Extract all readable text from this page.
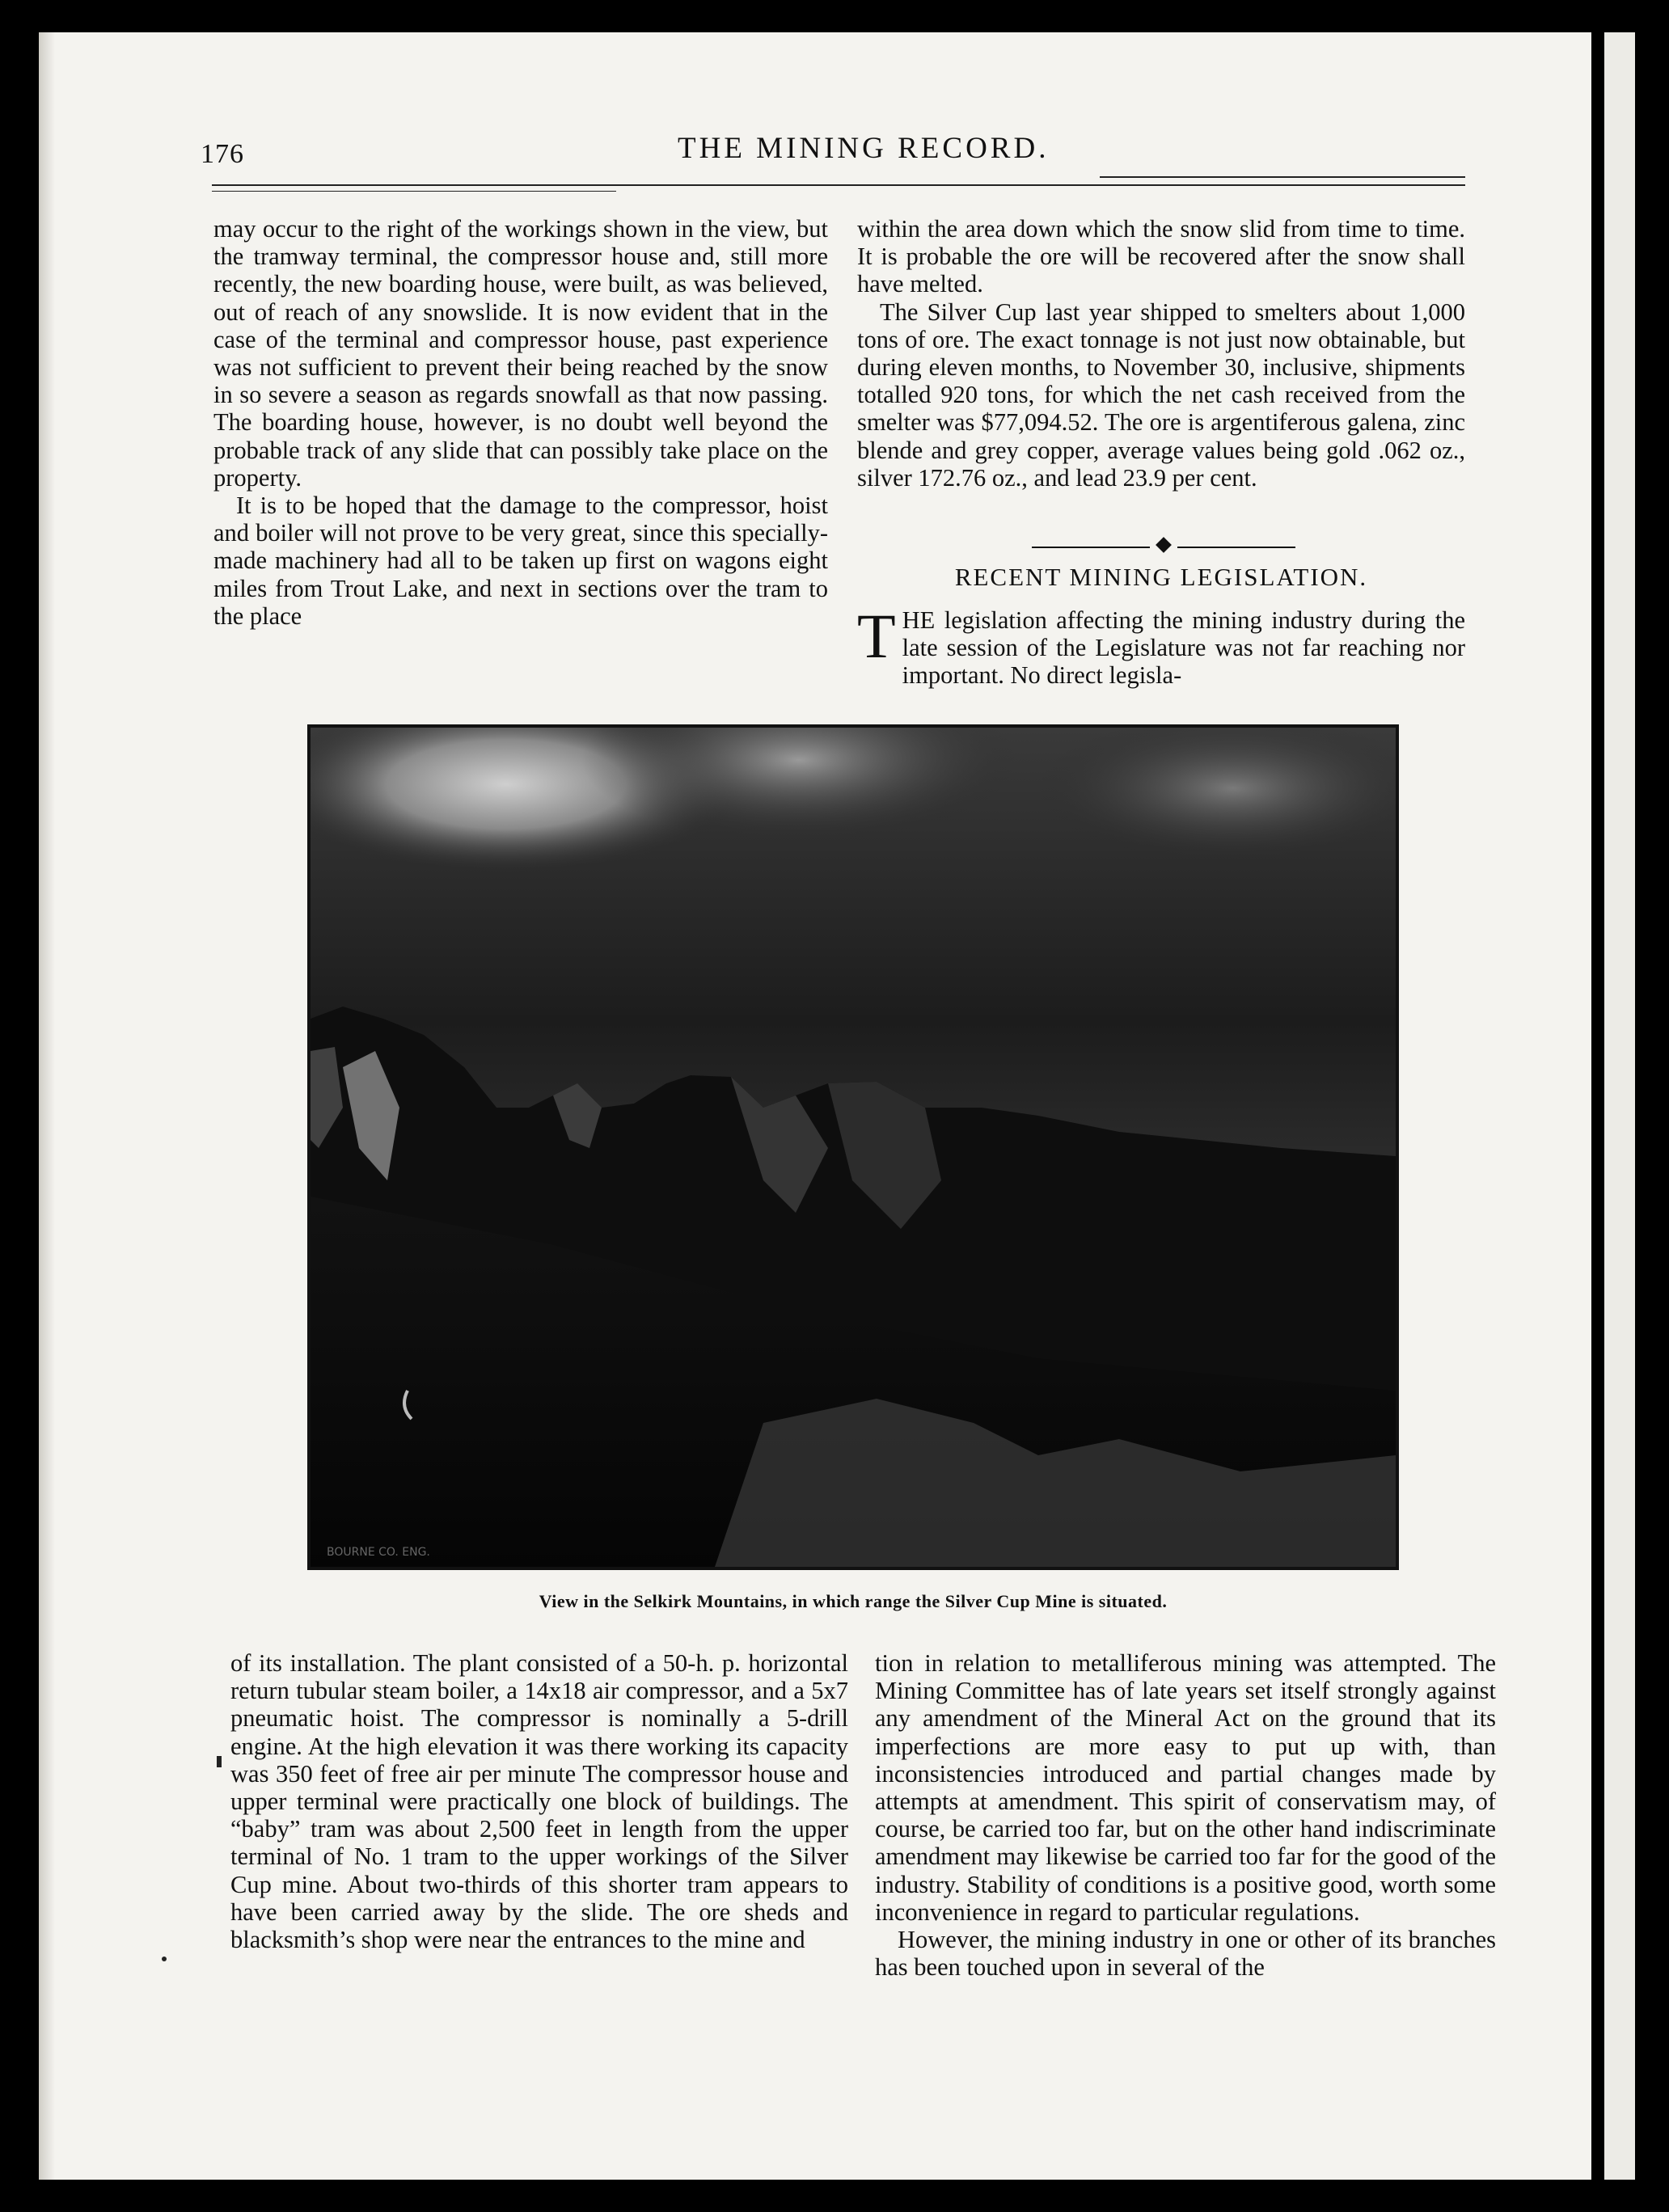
176	THE MINING RECORD.

may occur to the right of the workings shown in the view, but the tramway terminal, the compressor house and, still more recently, the new boarding house, were built, as was believed, out of reach of any snowslide. It is now evident that in the case of the terminal and compressor house, past experience was not sufficient to prevent their being reached by the snow in so severe a season as regards snowfall as that now passing. The boarding house, however, is no doubt well beyond the probable track of any slide that can possibly take place on the property.

It is to be hoped that the damage to the compressor, hoist and boiler will not prove to be very great, since this specially-made machinery had all to be taken up first on wagons eight miles from Trout Lake, and next in sections over the tram to the place

within the area down which the snow slid from time to time. It is probable the ore will be recovered after the snow shall have melted.

The Silver Cup last year shipped to smelters about 1,000 tons of ore. The exact tonnage is not just now obtainable, but during eleven months, to November 30, inclusive, shipments totalled 920 tons, for which the net cash received from the smelter was $77,094.52. The ore is argentiferous galena, zinc blende and grey copper, average values being gold .062 oz., silver 172.76 oz., and lead 23.9 per cent.

RECENT MINING LEGISLATION.
T HE legislation affecting the mining industry during the late session of the Legislature was not far reaching nor important. No direct legisla-
BOURNE CO. ENG.
View in the Selkirk Mountains, in which range the Silver Cup Mine is situated.

of its installation. The plant consisted of a 50-h. p. horizontal return tubular steam boiler, a 14x18 air compressor, and a 5x7 pneumatic hoist. The compressor is nominally a 5-drill engine. At the high elevation it was there working its capacity was 350 feet of free air per minute The compressor house and upper terminal were practically one block of buildings. The “baby” tram was about 2,500 feet in length from the upper terminal of No. 1 tram to the upper workings of the Silver Cup mine. About two-thirds of this shorter tram appears to have been carried away by the slide. The ore sheds and blacksmith’s shop were near the entrances to the mine and

tion in relation to metalliferous mining was attempted. The Mining Committee has of late years set itself strongly against any amendment of the Mineral Act on the ground that its imperfections are more easy to put up with, than inconsistencies introduced and partial changes made by attempts at amendment. This spirit of conservatism may, of course, be carried too far, but on the other hand indiscriminate amendment may likewise be carried too far for the good of the industry. Stability of conditions is a positive good, worth some inconvenience in regard to particular regulations.

However, the mining industry in one or other of its branches has been touched upon in several of the
